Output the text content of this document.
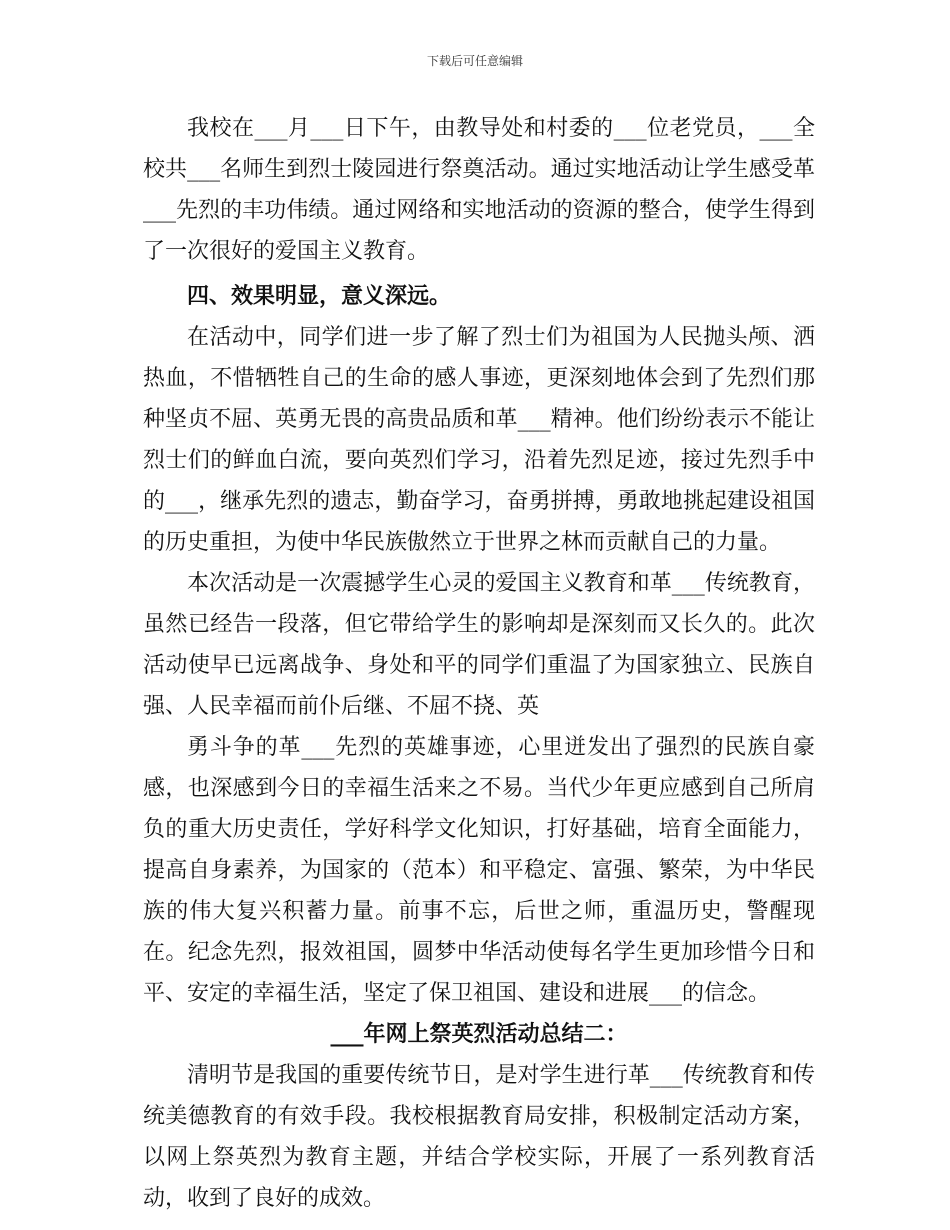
下载后可任意编辑

我校在___月___日下午，由教导处和村委的___位老党员，___全校共___名师生到烈士陵园进行祭奠活动。通过实地活动让学生感受革___先烈的丰功伟绩。通过网络和实地活动的资源的整合，使学生得到了一次很好的爱国主义教育。

四、效果明显，意义深远。

在活动中，同学们进一步了解了烈士们为祖国为人民抛头颅、洒热血，不惜牺牲自己的生命的感人事迹，更深刻地体会到了先烈们那种坚贞不屈、英勇无畏的高贵品质和革___精神。他们纷纷表示不能让烈士们的鲜血白流，要向英烈们学习，沿着先烈足迹，接过先烈手中的___，继承先烈的遗志，勤奋学习，奋勇拼搏，勇敢地挑起建设祖国的历史重担，为使中华民族傲然立于世界之林而贡献自己的力量。

本次活动是一次震撼学生心灵的爱国主义教育和革___传统教育，虽然已经告一段落，但它带给学生的影响却是深刻而又长久的。此次活动使早已远离战争、身处和平的同学们重温了为国家独立、民族自强、人民幸福而前仆后继、不屈不挠、英

勇斗争的革___先烈的英雄事迹，心里迸发出了强烈的民族自豪感，也深感到今日的幸福生活来之不易。当代少年更应感到自己所肩负的重大历史责任，学好科学文化知识，打好基础，培育全面能力，提高自身素养，为国家的（范本）和平稳定、富强、繁荣，为中华民族的伟大复兴积蓄力量。前事不忘，后世之师，重温历史，警醒现在。纪念先烈，报效祖国，圆梦中华活动使每名学生更加珍惜今日和平、安定的幸福生活，坚定了保卫祖国、建设和进展___的信念。

___年网上祭英烈活动总结二：

清明节是我国的重要传统节日，是对学生进行革___传统教育和传统美德教育的有效手段。我校根据教育局安排，积极制定活动方案，以网上祭英烈为教育主题，并结合学校实际，开展了一系列教育活动，收到了良好的成效。
